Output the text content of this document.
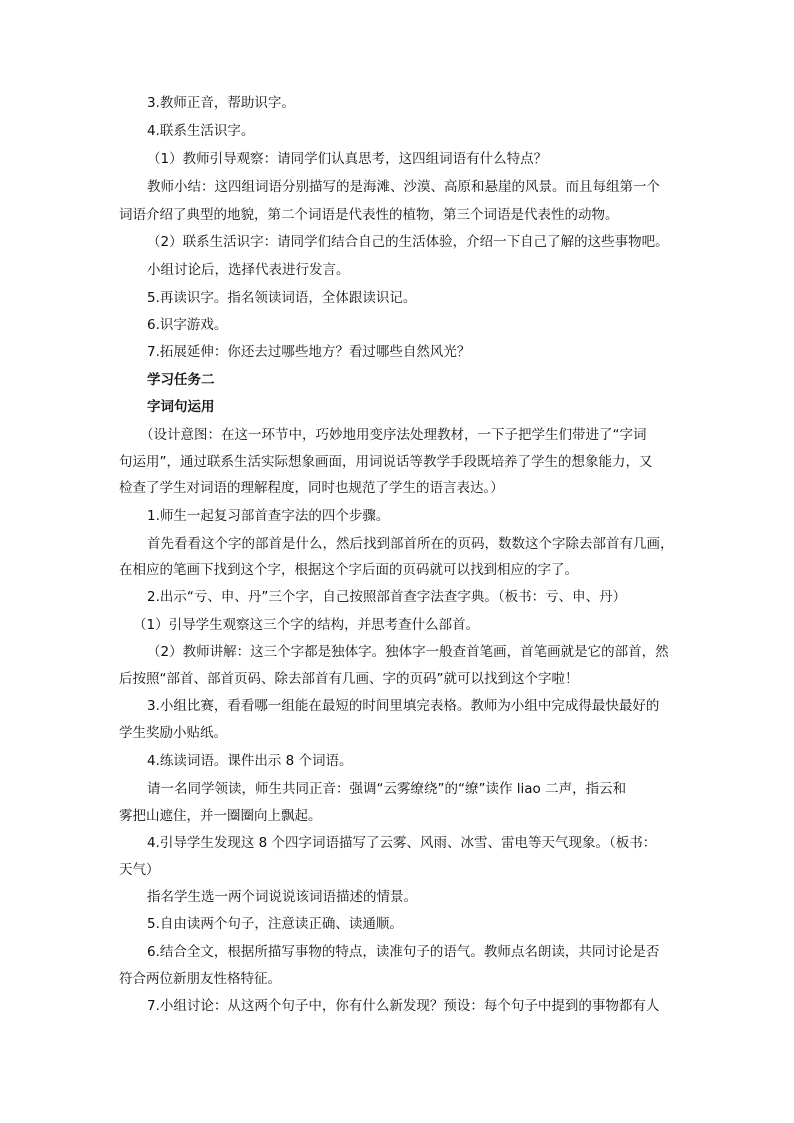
3.教师正音，帮助识字。
4.联系生活识字。
（1）教师引导观察：请同学们认真思考，这四组词语有什么特点？
教师小结：这四组词语分别描写的是海滩、沙漠、高原和悬崖的风景。而且每组第一个
词语介绍了典型的地貌，第二个词语是代表性的植物，第三个词语是代表性的动物。
（2）联系生活识字：请同学们结合自己的生活体验，介绍一下自己了解的这些事物吧。
小组讨论后，选择代表进行发言。
5.再读识字。指名领读词语，全体跟读识记。
6.识字游戏。
7.拓展延伸：你还去过哪些地方？看过哪些自然风光？
学习任务二
字词句运用
（设计意图：在这一环节中，巧妙地用变序法处理教材，一下子把学生们带进了“字词
句运用”，通过联系生活实际想象画面，用词说话等教学手段既培养了学生的想象能力，又
检查了学生对词语的理解程度，同时也规范了学生的语言表达。）
1.师生一起复习部首查字法的四个步骤。
首先看看这个字的部首是什么，然后找到部首所在的页码，数数这个字除去部首有几画，
在相应的笔画下找到这个字，根据这个字后面的页码就可以找到相应的字了。
2.出示“亏、申、丹”三个字，自己按照部首查字法查字典。（板书：亏、申、丹）
（1）引导学生观察这三个字的结构，并思考查什么部首。
（2）教师讲解：这三个字都是独体字。独体字一般查首笔画，首笔画就是它的部首，然
后按照“部首、部首页码、除去部首有几画、字的页码”就可以找到这个字啦！
3.小组比赛，看看哪一组能在最短的时间里填完表格。教师为小组中完成得最快最好的
学生奖励小贴纸。
4.练读词语。课件出示 8 个词语。
请一名同学领读，师生共同正音：强调“云雾缭绕”的“缭”读作 liao 二声，指云和
雾把山遮住，并一圈圈向上飘起。
4.引导学生发现这 8 个四字词语描写了云雾、风雨、冰雪、雷电等天气现象。（板书：
天气）
指名学生选一两个词说说该词语描述的情景。
5.自由读两个句子，注意读正确、读通顺。
6.结合全文，根据所描写事物的特点，读准句子的语气。教师点名朗读，共同讨论是否
符合两位新朋友性格特征。
7.小组讨论：从这两个句子中，你有什么新发现？预设：每个句子中提到的事物都有人
